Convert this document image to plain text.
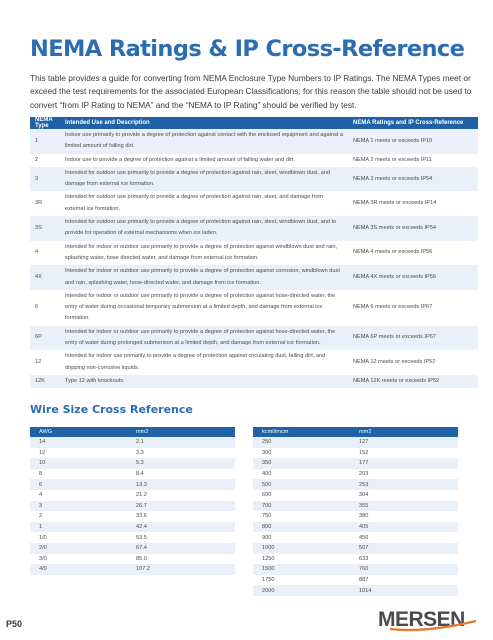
NEMA Ratings & IP Cross-Reference

This table provides a guide for converting from NEMA Enclosure Type Numbers to IP Ratings. The NEMA Types meet or exceed the test requirements for the associated European Classifications; for this reason the table should not be used to convert “from IP Rating to NEMA” and the “NEMA to IP Rating” should be verified by test.

NEMA Type	Intended Use and Description	NEMA Ratings and IP Cross-Reference
1	Indoor use primarily to provide a degree of protection against contact with the enclosed equipment and against a limited amount of falling dirt.	NEMA 1 meets or exceeds IP10
2	Indoor use to provide a degree of protection against a limited amount of falling water and dirt.	NEMA 2 meets or exceeds IP11
3	Intended for outdoor use primarily to provide a degree of protection against rain, sleet, windblown dust, and damage from external ice formation.	NEMA 3 meets or exceeds IP54
3R	Intended for outdoor use primarily to provide a degree of protection against rain, sleet, and damage from external ice formation.	NEMA 3R meets or exceeds IP14
3S	Intended for outdoor use primarily to provide a degree of protection against rain, sleet, windblown dust, and to provide for operation of external mechanisms when ice laden.	NEMA 3S meets or exceeds IP54
4	Intended for indoor or outdoor use primarily to provide a degree of protection against windblown dust and rain, splashing water, hose directed water, and damage from external ice formation.	NEMA 4 meets or exceeds IP56
4X	Intended for indoor or outdoor use primarily to provide a degree of protection against corrosion, windblown dust and rain, splashing water, hose-directed water, and damage from ice formation.	NEMA 4X meets or exceeds IP56
6	Intended for indoor or outdoor use primarily to provide a degree of protection against hose-directed water, the entry of water during occasional temporary submersion at a limited depth, and damage from external ice formation.	NEMA 6 meets or exceeds IP67
6P	Intended for indoor or outdoor use primarily to provide a degree of protection against hose-directed water, the entry of water during prolonged submersion at a limited depth, and damage from external ice formation.	NEMA 6P meets or exceeds IP67
12	Intended for indoor use primarily to provide a degree of protection against circulating dust, falling dirt, and dripping non-corrosive liquids.	NEMA 12 meets or exceeds IP52
12K	Type 12 with knockouts.	NEMA 12K meets or exceeds IP52
Wire Size Cross Reference
AWG	mm2
14	2.1
12	3.3
10	5.3
8	8.4
6	13.3
4	21.2
3	26.7
2	33.6
1	42.4
1/0	53.5
2/0	67.4
3/0	85.0
4/0	107.2
kcmil/mcm	mm2
250	127
300	152
350	177
400	203
500	253
600	304
700	355
750	380
800	405
900	456
1000	507
1250	633
1500	760
1750	887
2000	1014
P50	MERSEN
